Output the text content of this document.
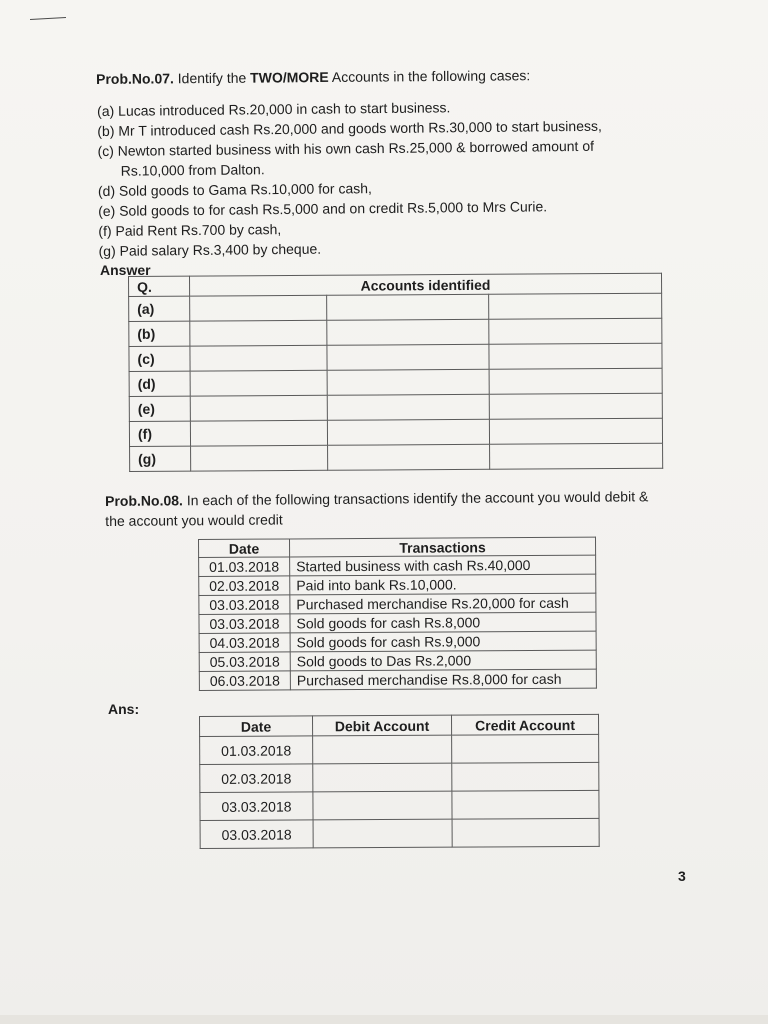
Prob.No.07. Identify the TWO/MORE Accounts in the following cases:
(a) Lucas introduced Rs.20,000 in cash to start business.
(b) Mr T introduced cash Rs.20,000 and goods worth Rs.30,000 to start business,
(c) Newton started business with his own cash Rs.25,000 & borrowed amount of
Rs.10,000 from Dalton.
(d) Sold goods to Gama Rs.10,000 for cash,
(e) Sold goods to for cash Rs.5,000 and on credit Rs.5,000 to Mrs Curie.
(f) Paid Rent Rs.700 by cash,
(g) Paid salary Rs.3,400 by cheque.
Answer
Q.	Accounts identified		
(a)			
(b)			
(c)			
(d)			
(e)			
(f)			
(g)			
Prob.No.08. In each of the following transactions identify the account you would debit &
the account you would credit
Date	Transactions
01.03.2018	Started business with cash Rs.40,000
02.03.2018	Paid into bank Rs.10,000.
03.03.2018	Purchased merchandise Rs.20,000 for cash
03.03.2018	Sold goods for cash Rs.8,000
04.03.2018	Sold goods for cash Rs.9,000
05.03.2018	Sold goods to Das Rs.2,000
06.03.2018	Purchased merchandise Rs.8,000 for cash
Ans:
Date	Debit Account	Credit Account
01.03.2018		
02.03.2018		
03.03.2018		
03.03.2018		
3
